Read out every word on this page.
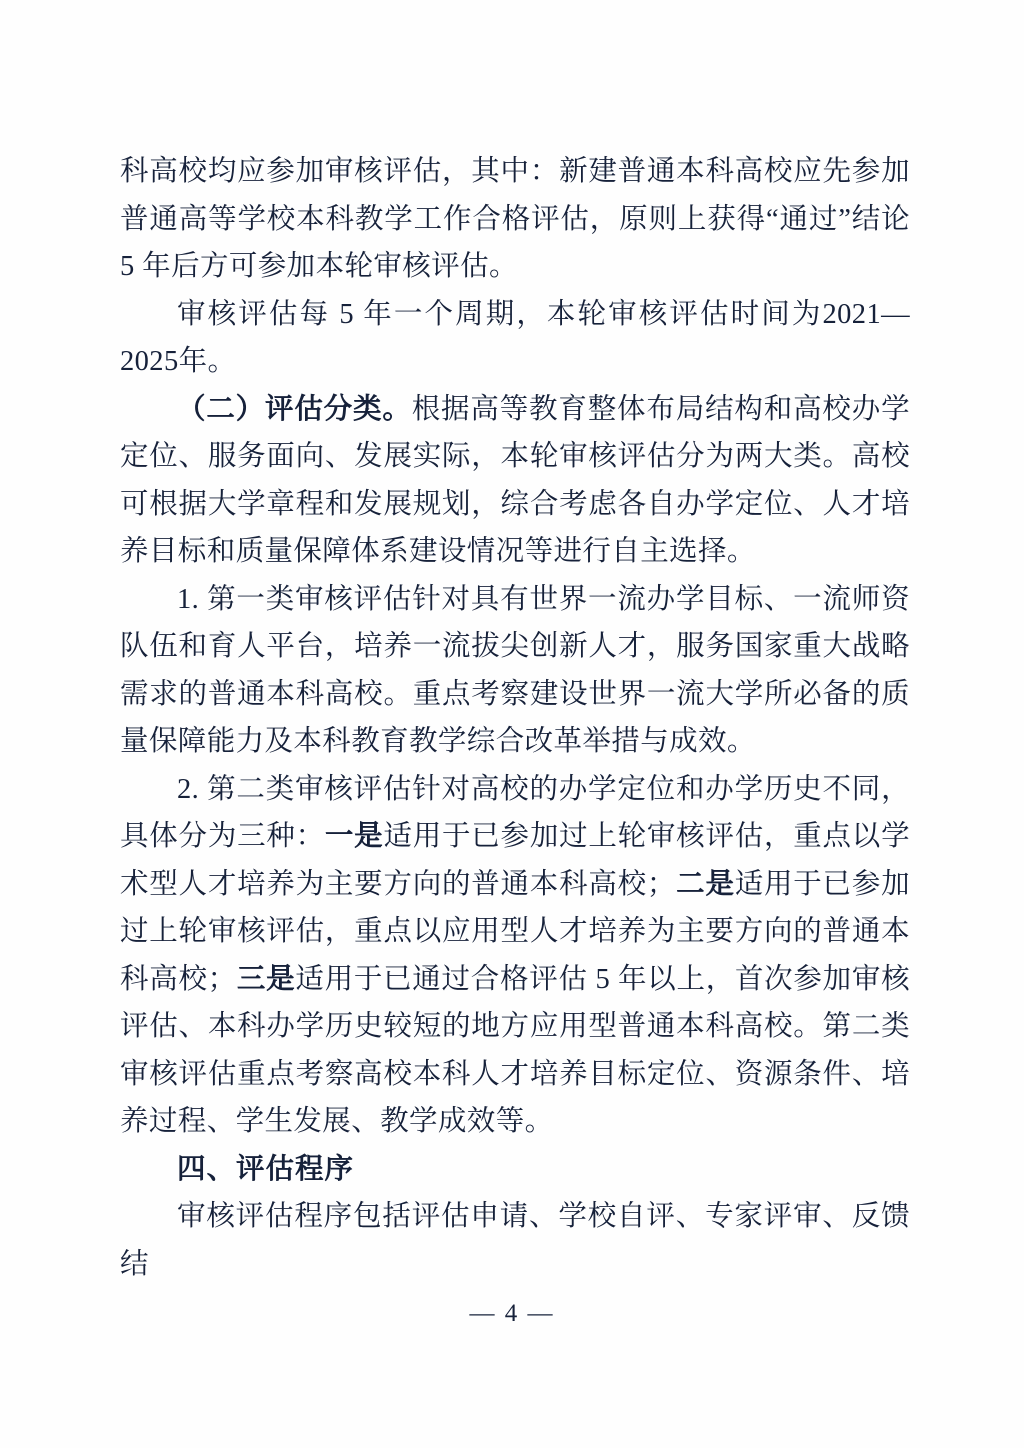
科高校均应参加审核评估，其中：新建普通本科高校应先参加普通高等学校本科教学工作合格评估，原则上获得“通过”结论 5 年后方可参加本轮审核评估。

审核评估每 5 年一个周期，本轮审核评估时间为2021—2025年。

（二）评估分类。根据高等教育整体布局结构和高校办学定位、服务面向、发展实际，本轮审核评估分为两大类。高校可根据大学章程和发展规划，综合考虑各自办学定位、人才培养目标和质量保障体系建设情况等进行自主选择。

1. 第一类审核评估针对具有世界一流办学目标、一流师资队伍和育人平台，培养一流拔尖创新人才，服务国家重大战略需求的普通本科高校。重点考察建设世界一流大学所必备的质量保障能力及本科教育教学综合改革举措与成效。

2. 第二类审核评估针对高校的办学定位和办学历史不同，具体分为三种：一是适用于已参加过上轮审核评估，重点以学术型人才培养为主要方向的普通本科高校；二是适用于已参加过上轮审核评估，重点以应用型人才培养为主要方向的普通本科高校；三是适用于已通过合格评估 5 年以上，首次参加审核评估、本科办学历史较短的地方应用型普通本科高校。第二类审核评估重点考察高校本科人才培养目标定位、资源条件、培养过程、学生发展、教学成效等。

四、评估程序

审核评估程序包括评估申请、学校自评、专家评审、反馈结

— 4 —
